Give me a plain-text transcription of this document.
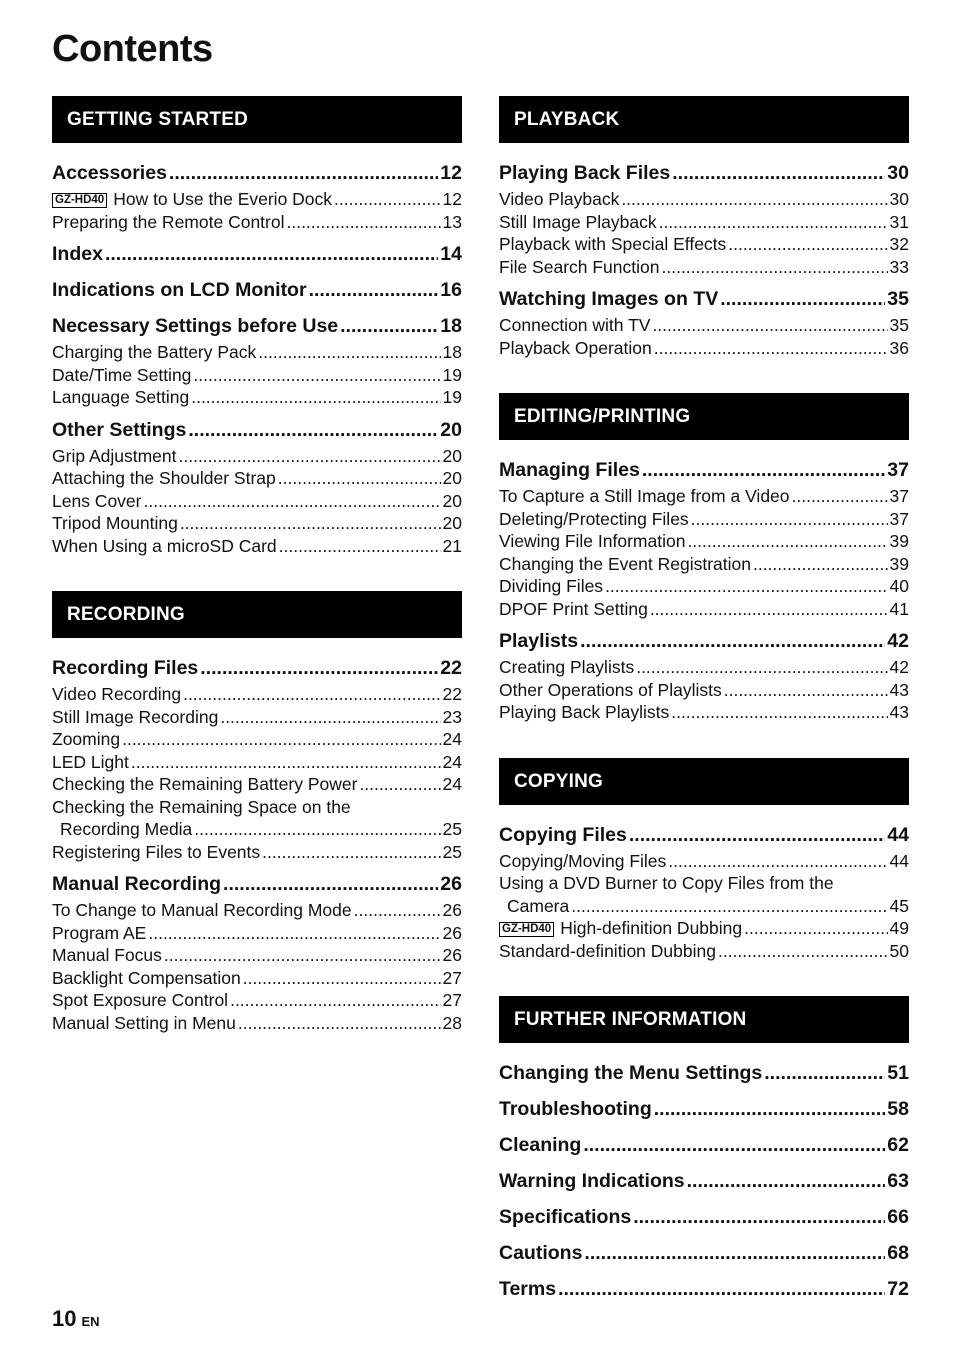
Contents
GETTING STARTED
Accessories .....	12
GZ-HD40 How to Use the Everio Dock .....	12
Preparing the Remote Control .....	13
Index .....	14
Indications on LCD Monitor .....	16
Necessary Settings before Use .....	18
Charging the Battery Pack .....	18
Date/Time Setting .....	19
Language Setting .....	19
Other Settings .....	20
Grip Adjustment .....	20
Attaching the Shoulder Strap .....	20
Lens Cover .....	20
Tripod Mounting .....	20
When Using a microSD Card .....	21
RECORDING
Recording Files .....	22
Video Recording .....	22
Still Image Recording .....	23
Zooming .....	24
LED Light .....	24
Checking the Remaining Battery Power .....	24
Checking the Remaining Space on the
Recording Media .....	25
Registering Files to Events .....	25
Manual Recording .....	26
To Change to Manual Recording Mode .....	26
Program AE .....	26
Manual Focus .....	26
Backlight Compensation .....	27
Spot Exposure Control .....	27
Manual Setting in Menu .....	28
PLAYBACK
Playing Back Files .....	30
Video Playback .....	30
Still Image Playback .....	31
Playback with Special Effects .....	32
File Search Function .....	33
Watching Images on TV .....	35
Connection with TV .....	35
Playback Operation .....	36
EDITING/PRINTING
Managing Files .....	37
To Capture a Still Image from a Video .....	37
Deleting/Protecting Files .....	37
Viewing File Information .....	39
Changing the Event Registration .....	39
Dividing Files .....	40
DPOF Print Setting .....	41
Playlists .....	42
Creating Playlists .....	42
Other Operations of Playlists .....	43
Playing Back Playlists .....	43
COPYING
Copying Files .....	44
Copying/Moving Files .....	44
Using a DVD Burner to Copy Files from the
Camera .....	45
GZ-HD40 High-definition Dubbing .....	49
Standard-definition Dubbing .....	50
FURTHER INFORMATION
Changing the Menu Settings .....	51
Troubleshooting .....	58
Cleaning .....	62
Warning Indications .....	63
Specifications .....	66
Cautions .....	68
Terms .....	72
10 EN
